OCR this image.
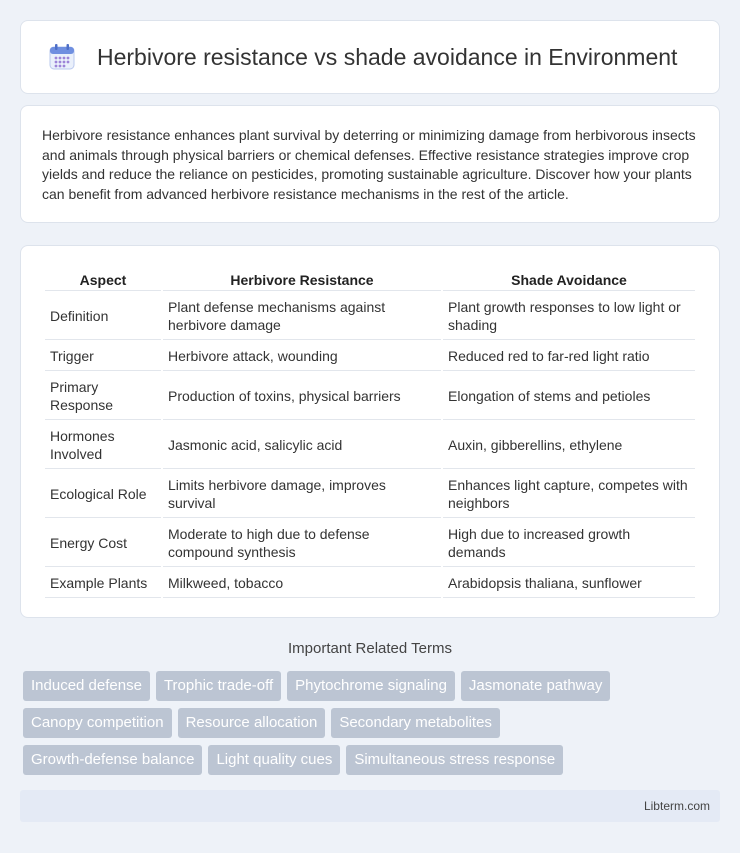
Herbivore resistance vs shade avoidance in Environment

Herbivore resistance enhances plant survival by deterring or minimizing damage from herbivorous insects and animals through physical barriers or chemical defenses. Effective resistance strategies improve crop yields and reduce the reliance on pesticides, promoting sustainable agriculture. Discover how your plants can benefit from advanced herbivore resistance mechanisms in the rest of the article.

Aspect	Herbivore Resistance	Shade Avoidance
Definition	Plant defense mechanisms against herbivore damage	Plant growth responses to low light or shading
Trigger	Herbivore attack, wounding	Reduced red to far-red light ratio
Primary Response	Production of toxins, physical barriers	Elongation of stems and petioles
Hormones Involved	Jasmonic acid, salicylic acid	Auxin, gibberellins, ethylene
Ecological Role	Limits herbivore damage, improves survival	Enhances light capture, competes with neighbors
Energy Cost	Moderate to high due to defense compound synthesis	High due to increased growth demands
Example Plants	Milkweed, tobacco	Arabidopsis thaliana, sunflower
Important Related Terms
Induced defense	Trophic trade-off	Phytochrome signaling	Jasmonate pathway
Canopy competition	Resource allocation	Secondary metabolites
Growth-defense balance	Light quality cues	Simultaneous stress response
Libterm.com
